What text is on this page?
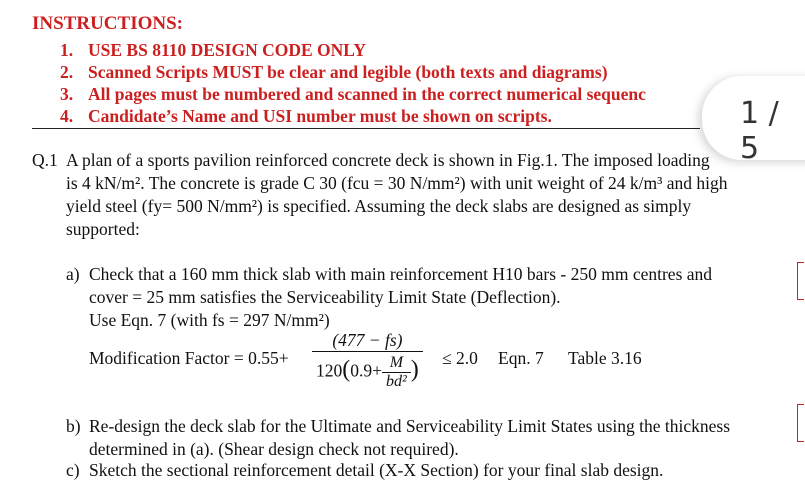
INSTRUCTIONS:
1. USE BS 8110 DESIGN CODE ONLY
2. Scanned Scripts MUST be clear and legible (both texts and diagrams)
3. All pages must be numbered and scanned in the correct numerical sequenc
4. Candidate’s Name and USI number must be shown on scripts.	1 / 5
Q.1 A plan of a sports pavilion reinforced concrete deck is shown in Fig.1. The imposed loading
is 4 kN/m². The concrete is grade C 30 (fcu = 30 N/mm²) with unit weight of 24 k/m³ and high
yield steel (fy= 500 N/mm²) is specified. Assuming the deck slabs are designed as simply
supported:
a) Check that a 160 mm thick slab with main reinforcement H10 bars - 250 mm centres and
cover = 25 mm satisfies the Serviceability Limit State (Deflection).
Use Eqn. 7 (with fs = 297 N/mm²)
Modification Factor = $0.55+ \frac{(477 - fs)}{120(0.9+ \frac{M}{\text{bd²}} )} \le 2.0$ Eqn. 7 Table 3.16
b) Re-design the deck slab for the Ultimate and Serviceability Limit States using the thickness
determined in (a). (Shear design check not required).
c) Sketch the sectional reinforcement detail (X-X Section) for your final slab design.
